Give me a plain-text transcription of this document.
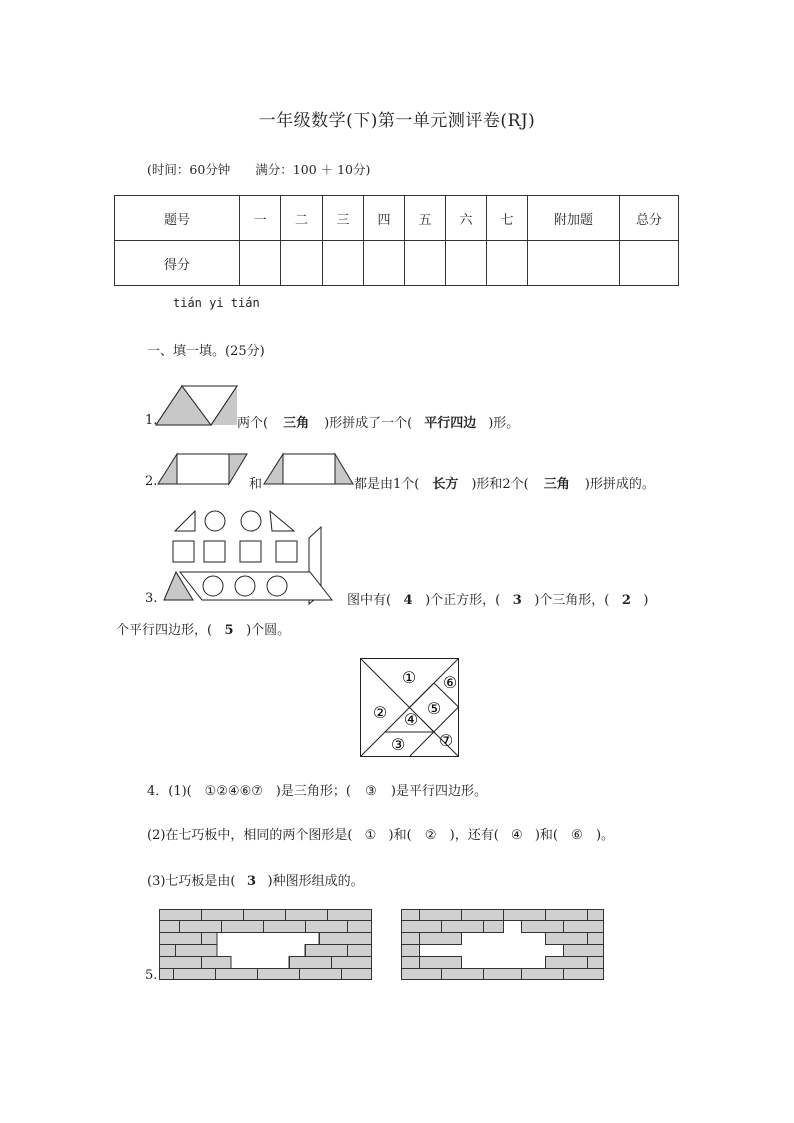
一年级数学(下)第一单元测评卷(RJ)
(时间：60分钟　　满分：100 ＋ 10分)
题号	一	二	三	四	五	六	七	附加题	总分
得分									
tián yi tián
一、填一填。(25分)
1.	两个( 三角 )形拼成了一个( 平行四边 )形。
2.	和	都是由1个( 长方 )形和2个( 三角 )形拼成的。
3.	图中有( 4 )个正方形，( 3 )个三角形，( 2 )
个平行四边形，( 5 )个圆。
①
②
③
④
⑤
⑥
⑦
4．(1)( ①②④⑥⑦ )是三角形；( ③ )是平行四边形。
(2)在七巧板中，相同的两个图形是( ① )和( ② )，还有( ④ )和( ⑥ )。
(3)七巧板是由( 3 )种图形组成的。
5.
